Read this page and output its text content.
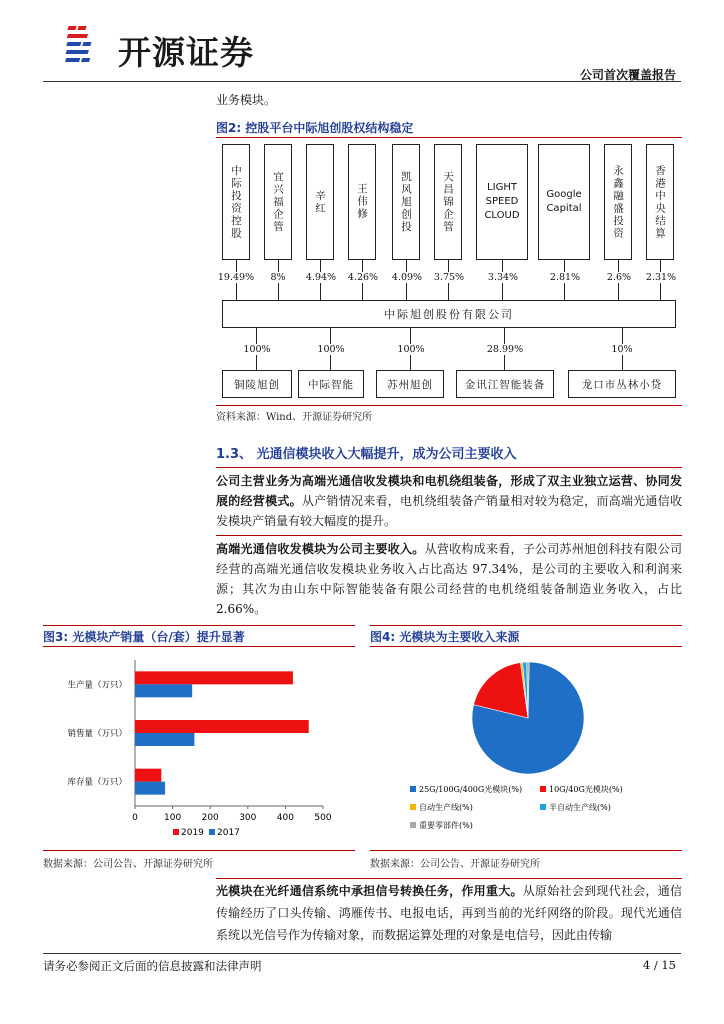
开源证券
公司首次覆盖报告
业务模块。
图2: 控股平台中际旭创股权结构稳定
中际投资控股	宜兴福企管	辛红	王伟修	凯风旭创投	天昌锦企管	LIGHT SPEED CLOUD
Google Capital	永鑫融盛投资	香港中央结算
19.49%	8%	4.94% 4.26% 4.09% 3.75%	3.34%	2.81%	2.6% 2.31%
中际旭创股份有限公司
100%	100%	100%	28.99%	10%
铜陵旭创	中际智能	苏州旭创	金讯江智能装备	龙口市丛林小贷
资料来源：Wind、开源证券研究所
1.3、 光通信模块收入大幅提升，成为公司主要收入
公司主营业务为高端光通信收发模块和电机绕组装备，形成了双主业独立运营、协同发展的经营模式。从产销情况来看，电机绕组装备产销量相对较为稳定，而高端光通信收发模块产销量有较大幅度的提升。
高端光通信收发模块为公司主要收入。从营收构成来看，子公司苏州旭创科技有限公司经营的高端光通信收发模块业务收入占比高达 97.34%，是公司的主要收入和利润来源；其次为由山东中际智能装备有限公司经营的电机绕组装备制造业务收入，占比 2.66%。
图3: 光模块产销量（台/套）提升显著
0	100 200 300 400 500
生产量（万只）
销售量（万只）
库存量（万只）
2019 2017
数据来源：公司公告、开源证券研究所
图4: 光模块为主要收入来源
25G/100G/400G光模块(%)	10G/40G光模块(%)
自动生产线(%)	半自动生产线(%)
重要零部件(%)
数据来源：公司公告、开源证券研究所
光模块在光纤通信系统中承担信号转换任务，作用重大。从原始社会到现代社会，通信传输经历了口头传输、鸿雁传书、电报电话，再到当前的光纤网络的阶段。现代光通信系统以光信号作为传输对象，而数据运算处理的对象是电信号，因此由传输
请务必参阅正文后面的信息披露和法律声明	4 / 15
